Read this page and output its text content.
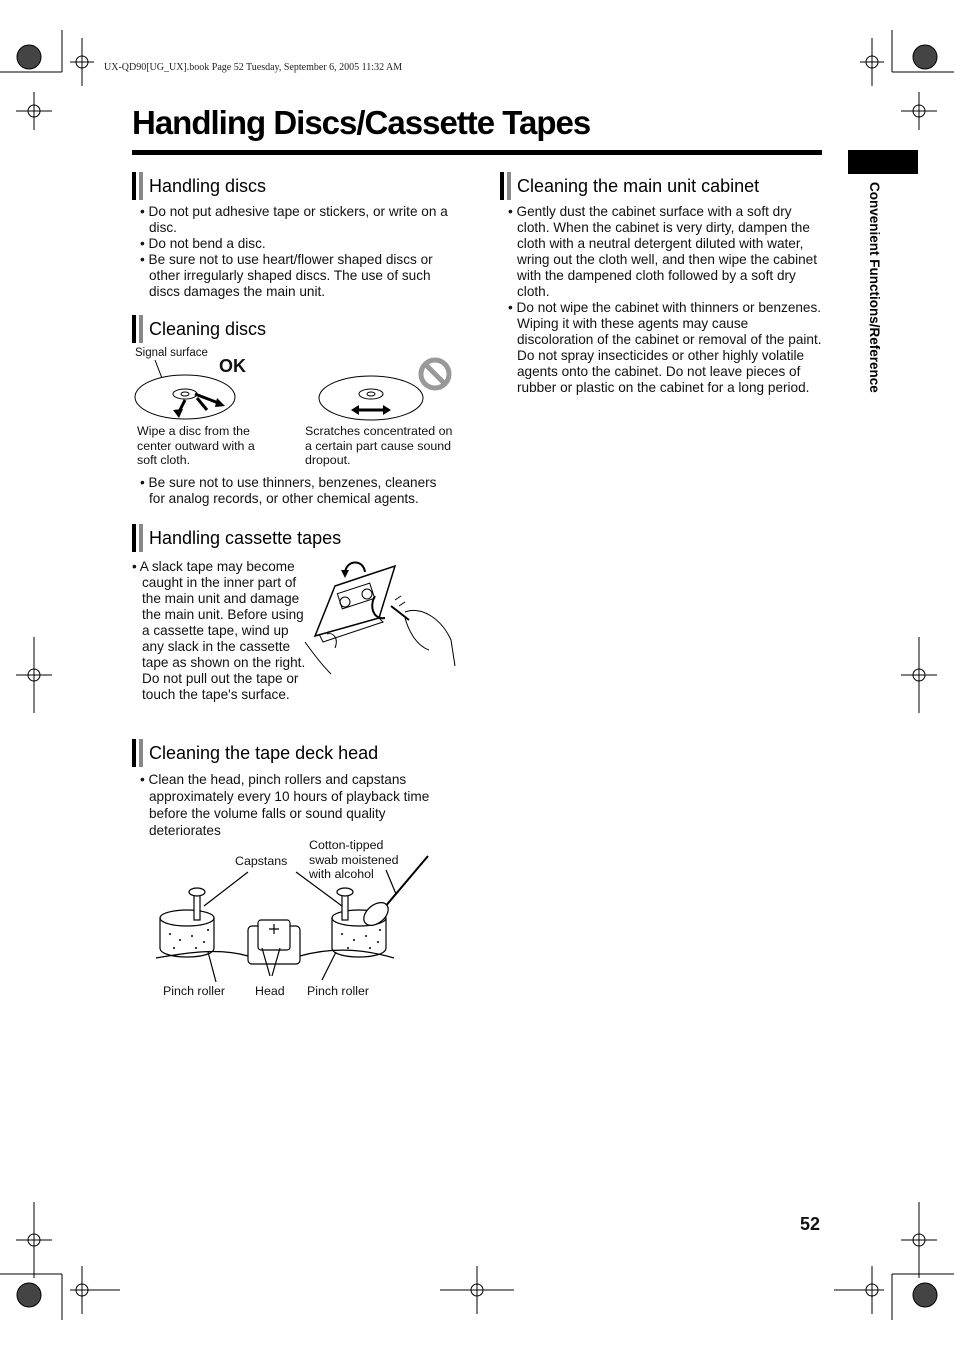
UX-QD90[UG_UX].book Page 52 Tuesday, September 6, 2005 11:32 AM
Handling Discs/Cassette Tapes
Convenient Functions/Reference
Handling discs

• Do not put adhesive tape or stickers, or write on a disc.

• Do not bend a disc.

• Be sure not to use heart/flower shaped discs or other irregularly shaped discs. The use of such discs damages the main unit.

Cleaning discs
Signal surface
OK
Wipe a disc from the center outward with a soft cloth.
Scratches concentrated on a certain part cause sound dropout.

• Be sure not to use thinners, benzenes, cleaners for analog records, or other chemical agents.

Handling cassette tapes

• A slack tape may become caught in the inner part of the main unit and damage the main unit. Before using a cassette tape, wind up any slack in the cassette tape as shown on the right. Do not pull out the tape or touch the tape's surface.

Cleaning the tape deck head

• Clean the head, pinch rollers and capstans approximately every 10 hours of playback time before the volume falls or sound quality deteriorates

Capstans
Cotton-tipped swab moistened with alcohol
Pinch roller Head Pinch roller
Cleaning the main unit cabinet

• Gently dust the cabinet surface with a soft dry cloth. When the cabinet is very dirty, dampen the cloth with a neutral detergent diluted with water, wring out the cloth well, and then wipe the cabinet with the dampened cloth followed by a soft dry cloth.

• Do not wipe the cabinet with thinners or benzenes. Wiping it with these agents may cause discoloration of the cabinet or removal of the paint. Do not spray insecticides or other highly volatile agents onto the cabinet. Do not leave pieces of rubber or plastic on the cabinet for a long period.

52
